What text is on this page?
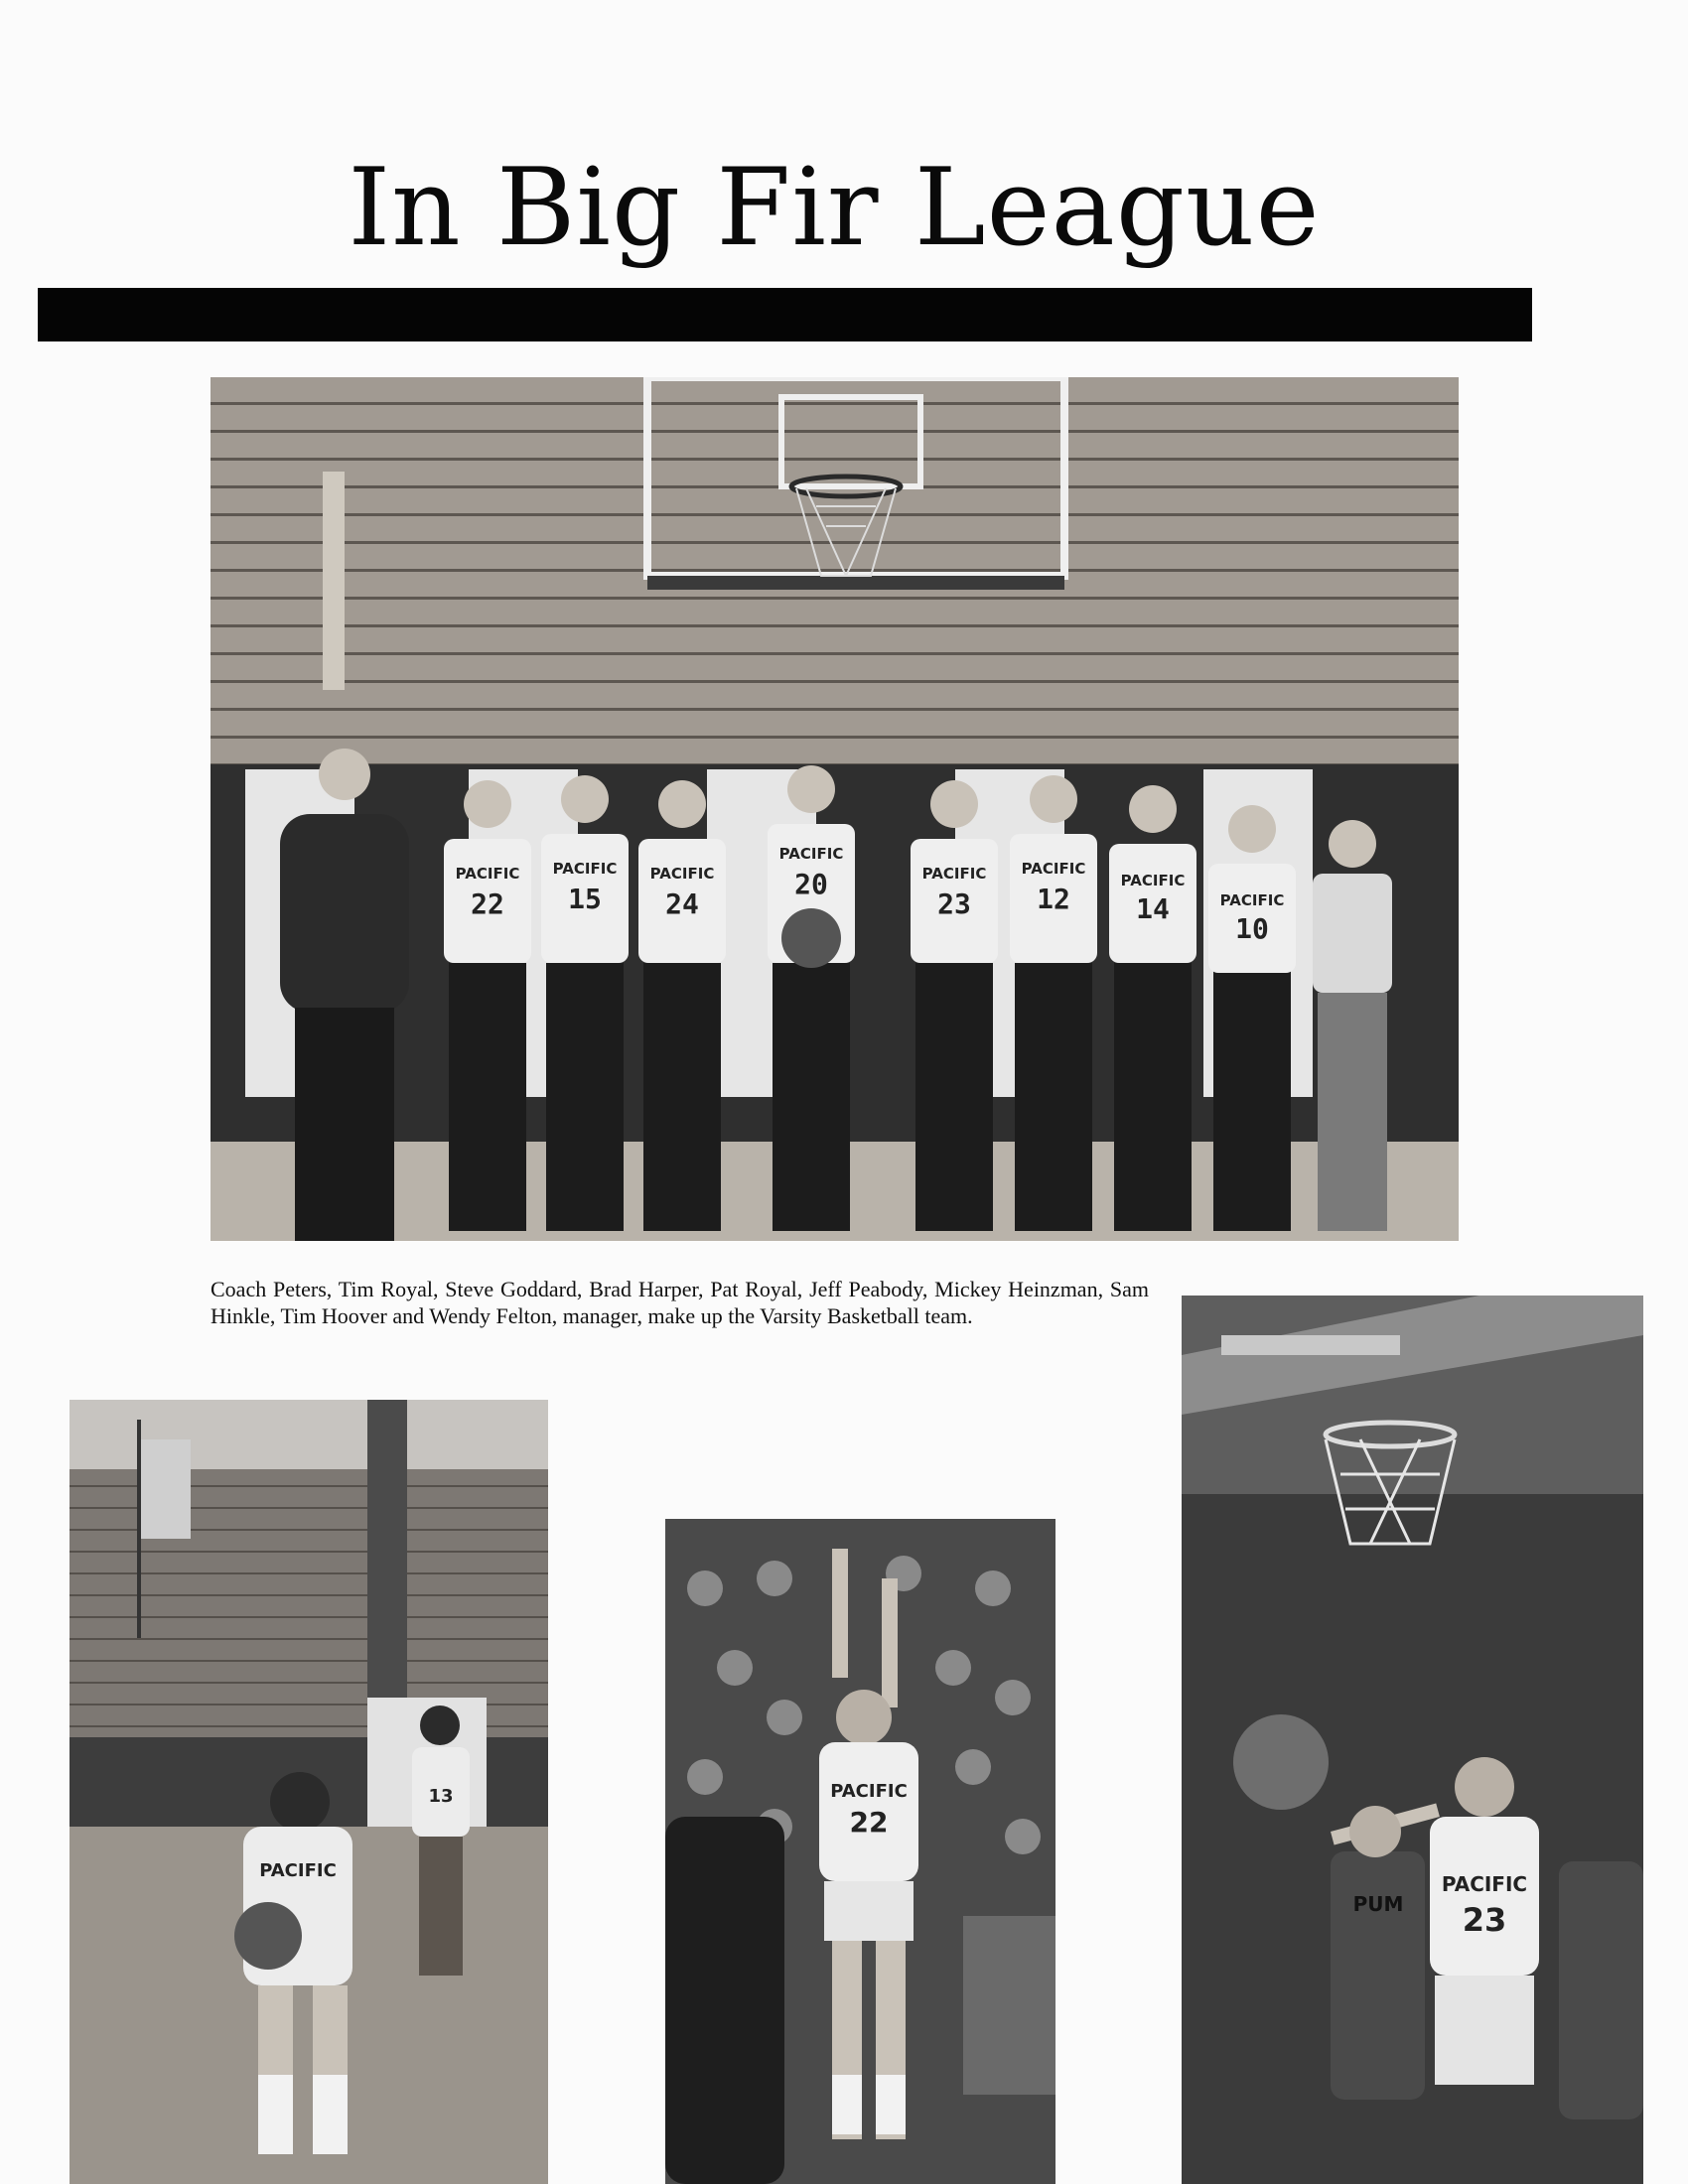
In Big Fir League
22 15 24
20
23 12 14
10
PACIFIC PACIFIC PACIFIC
PACIFIC
PACIFIC PACIFIC
PACIFIC
PACIFIC
Coach Peters, Tim Royal, Steve Goddard, Brad Harper, Pat Royal, Jeff Peabody, Mickey Heinzman, Sam Hinkle, Tim Hoover and Wendy Felton, manager, make up the Varsity Basketball team.
13
PACIFIC
PACIFIC
22
PACIFIC
23
PUM
